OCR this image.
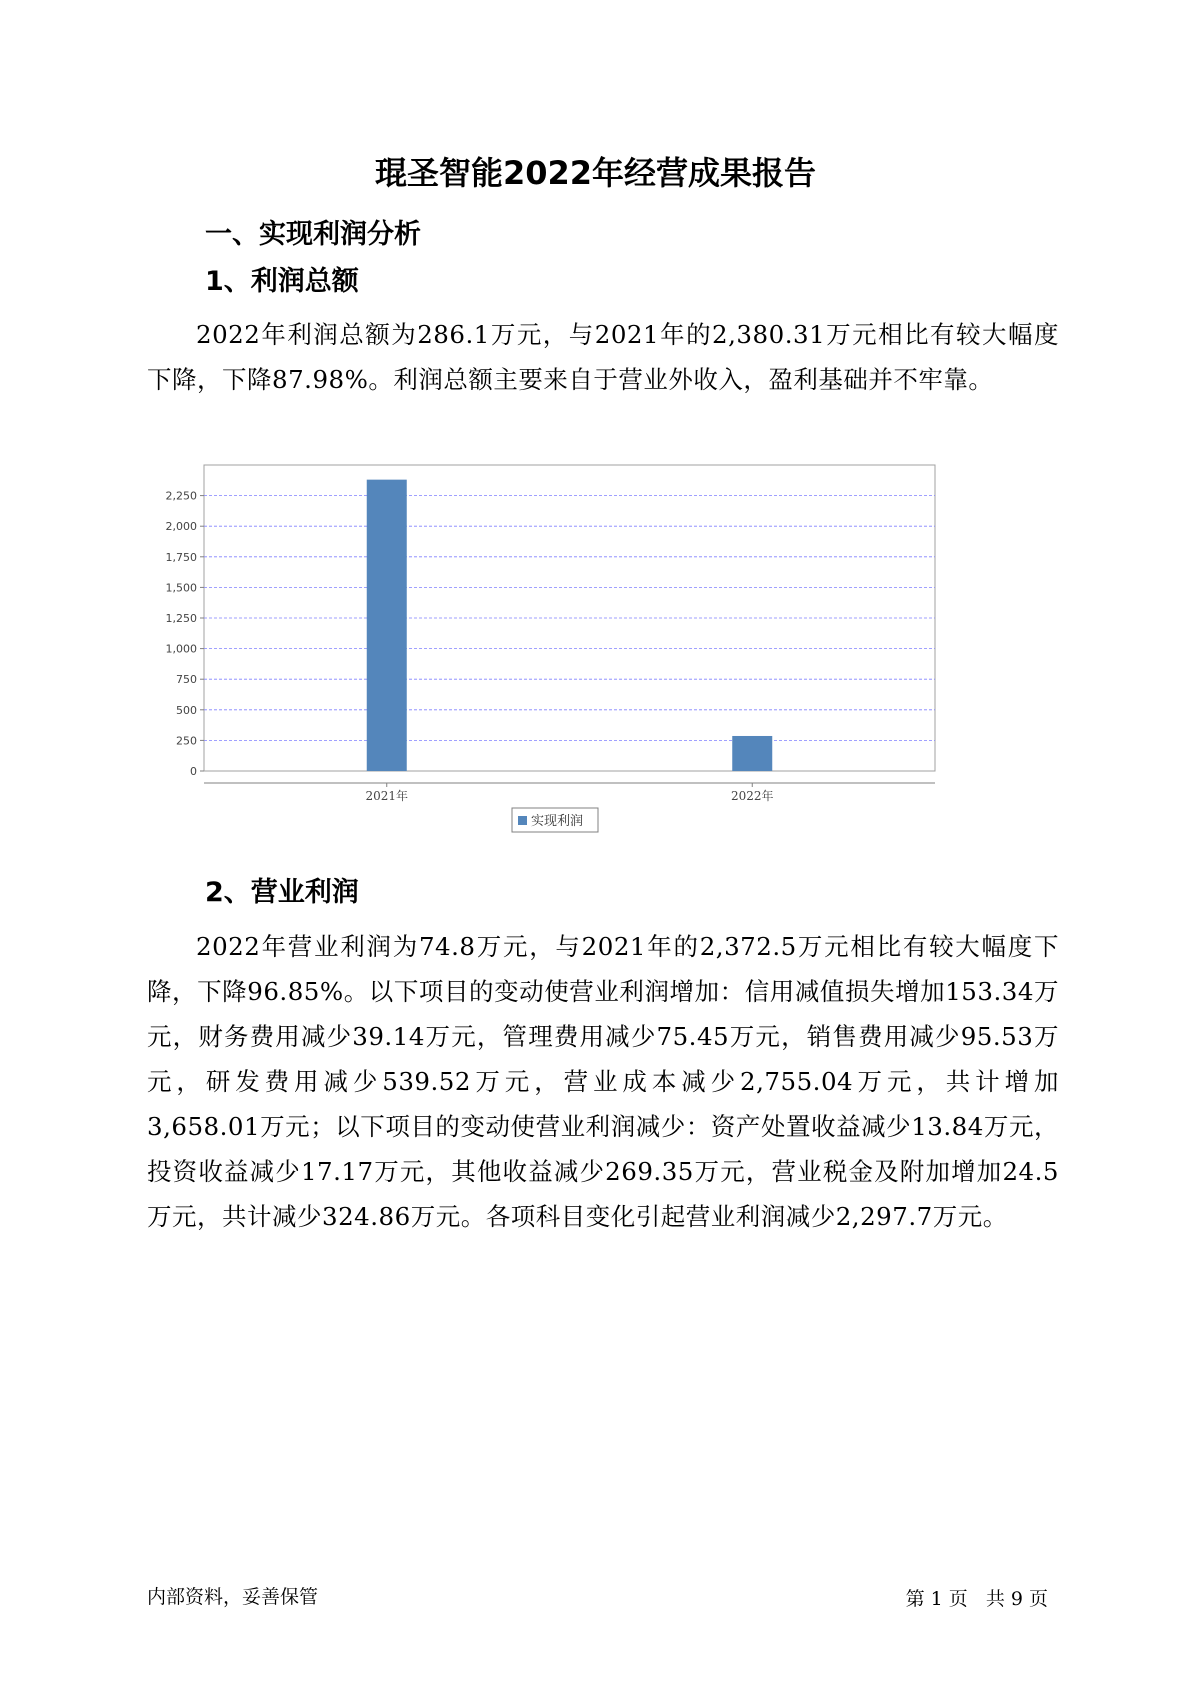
琨圣智能2022年经营成果报告
一、实现利润分析
1、利润总额

2022年利润总额为286.1万元，与2021年的2,380.31万元相比有较大幅度下降，下降87.98%。利润总额主要来自于营业外收入，盈利基础并不牢靠。

0
250
500
750
1,000
1,250
1,500
1,750
2,000
2,250
2021年	2022年
实现利润
2、营业利润

2022年营业利润为74.8万元，与2021年的2,372.5万元相比有较大幅度下降，下降96.85%。以下项目的变动使营业利润增加：信用减值损失增加153.34万元，财务费用减少39.14万元，管理费用减少75.45万元，销售费用减少95.53万元，研发费用减少539.52万元，营业成本减少2,755.04万元，共计增加3,658.01万元；以下项目的变动使营业利润减少：资产处置收益减少13.84万元，投资收益减少17.17万元，其他收益减少269.35万元，营业税金及附加增加24.5万元，共计减少324.86万元。各项科目变化引起营业利润减少2,297.7万元。

内部资料，妥善保管	第 1 页 共 9 页
